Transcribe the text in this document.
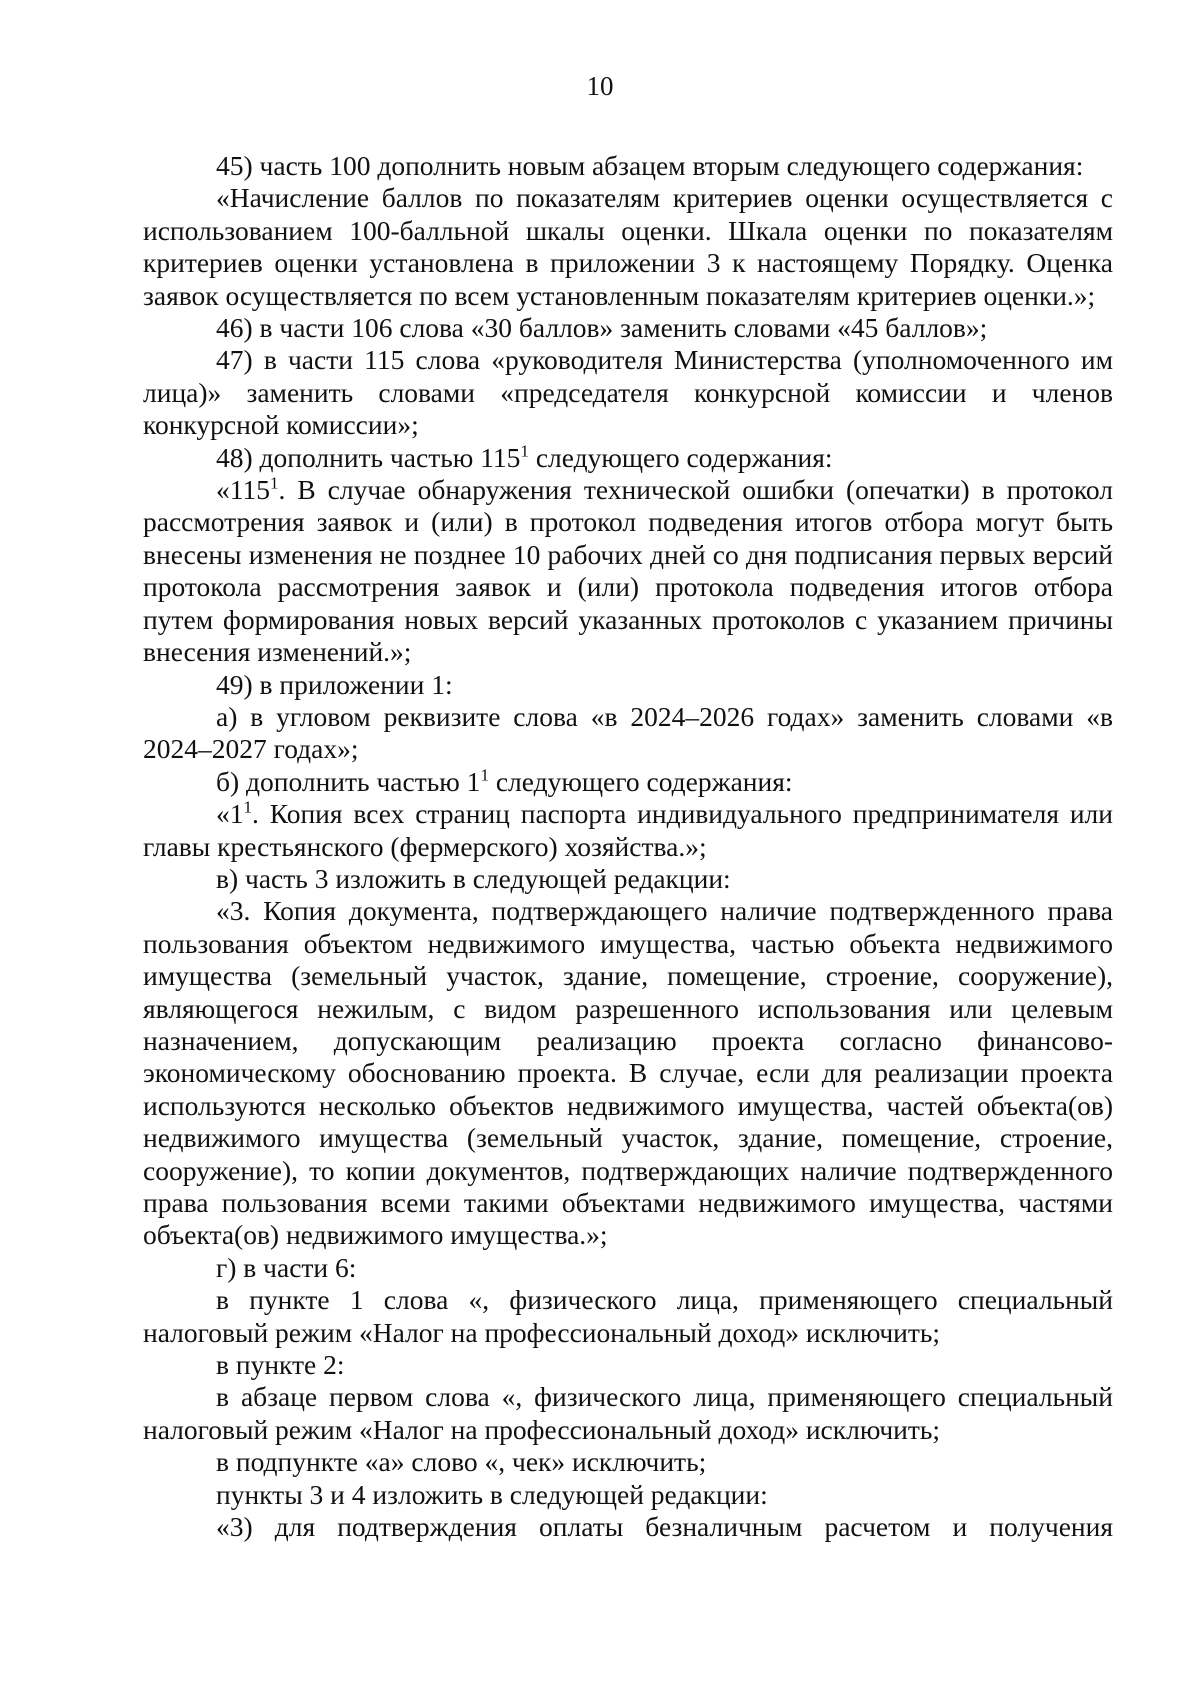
10

45) часть 100 дополнить новым абзацем вторым следующего содержания:

«Начисление баллов по показателям критериев оценки осуществляется с использованием 100-балльной шкалы оценки. Шкала оценки по показателям критериев оценки установлена в приложении 3 к настоящему Порядку. Оценка заявок осуществляется по всем установленным показателям критериев оценки.»;

46) в части 106 слова «30 баллов» заменить словами «45 баллов»;

47) в части 115 слова «руководителя Министерства (уполномоченного им лица)» заменить словами «председателя конкурсной комиссии и членов конкурсной комиссии»;

48) дополнить частью $115^1$ следующего содержания:

«$115^1$. В случае обнаружения технической ошибки (опечатки) в протокол рассмотрения заявок и (или) в протокол подведения итогов отбора могут быть внесены изменения не позднее 10 рабочих дней со дня подписания первых версий протокола рассмотрения заявок и (или) протокола подведения итогов отбора путем формирования новых версий указанных протоколов с указанием причины внесения изменений.»;

49) в приложении 1:

а) в угловом реквизите слова «в 2024–2026 годах» заменить словами «в 2024–2027 годах»;

б) дополнить частью $1^1$ следующего содержания:

«$1^1$. Копия всех страниц паспорта индивидуального предпринимателя или главы крестьянского (фермерского) хозяйства.»;

в) часть 3 изложить в следующей редакции:

«3. Копия документа, подтверждающего наличие подтвержденного права пользования объектом недвижимого имущества, частью объекта недвижимого имущества (земельный участок, здание, помещение, строение, сооружение), являющегося нежилым, с видом разрешенного использования или целевым назначением, допускающим реализацию проекта согласно финансово-экономическому обоснованию проекта. В случае, если для реализации проекта используются несколько объектов недвижимого имущества, частей объекта(ов) недвижимого имущества (земельный участок, здание, помещение, строение, сооружение), то копии документов, подтверждающих наличие подтвержденного права пользования всеми такими объектами недвижимого имущества, частями объекта(ов) недвижимого имущества.»;

г) в части 6:

в пункте 1 слова «, физического лица, применяющего специальный налоговый режим «Налог на профессиональный доход» исключить;

в пункте 2:

в абзаце первом слова «, физического лица, применяющего специальный налоговый режим «Налог на профессиональный доход» исключить;

в подпункте «а» слово «, чек» исключить;

пункты 3 и 4 изложить в следующей редакции:

«3) для подтверждения оплаты безналичным расчетом и получения
